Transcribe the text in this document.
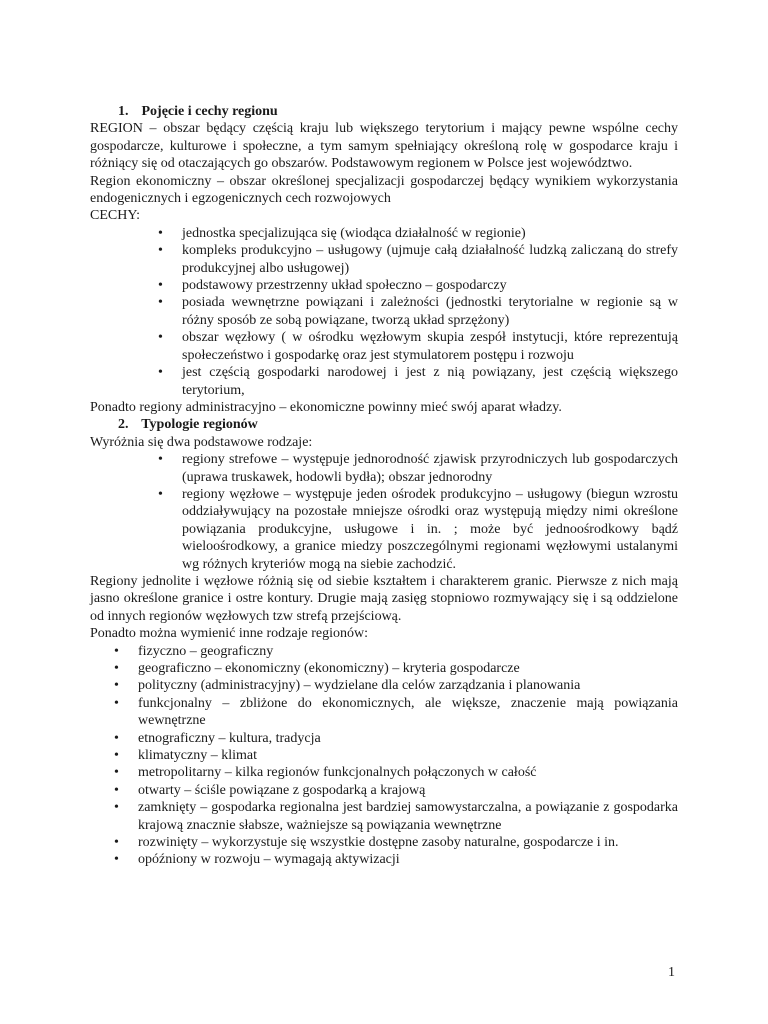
1. Pojęcie i cechy regionu

REGION – obszar będący częścią kraju lub większego terytorium i mający pewne wspólne cechy gospodarcze, kulturowe i społeczne, a tym samym spełniający określoną rolę w gospodarce kraju i różniący się od otaczających go obszarów. Podstawowym regionem w Polsce jest województwo.

Region ekonomiczny – obszar określonej specjalizacji gospodarczej będący wynikiem wykorzystania endogenicznych i egzogenicznych cech rozwojowych

CECHY:

• jednostka specjalizująca się (wiodąca działalność w regionie)
• kompleks produkcyjno – usługowy (ujmuje całą działalność ludzką zaliczaną do strefy produkcyjnej albo usługowej)
• podstawowy przestrzenny układ społeczno – gospodarczy
• posiada wewnętrzne powiązani i zależności (jednostki terytorialne w regionie są w różny sposób ze sobą powiązane, tworzą układ sprzężony)
• obszar węzłowy ( w ośrodku węzłowym skupia zespół instytucji, które reprezentują społeczeństwo i gospodarkę oraz jest stymulatorem postępu i rozwoju
• jest częścią gospodarki narodowej i jest z nią powiązany, jest częścią większego terytorium,

Ponadto regiony administracyjno – ekonomiczne powinny mieć swój aparat władzy.

2. Typologie regionów

Wyróżnia się dwa podstawowe rodzaje:

• regiony strefowe – występuje jednorodność zjawisk przyrodniczych lub gospodarczych (uprawa truskawek, hodowli bydła); obszar jednorodny
• regiony węzłowe – występuje jeden ośrodek produkcyjno – usługowy (biegun wzrostu oddziaływujący na pozostałe mniejsze ośrodki oraz występują między nimi określone powiązania produkcyjne, usługowe i in. ; może być jednoośrodkowy bądź wieloośrodkowy, a granice miedzy poszczególnymi regionami węzłowymi ustalanymi wg różnych kryteriów mogą na siebie zachodzić.

Regiony jednolite i węzłowe różnią się od siebie kształtem i charakterem granic. Pierwsze z nich mają jasno określone granice i ostre kontury. Drugie mają zasięg stopniowo rozmywający się i są oddzielone od innych regionów węzłowych tzw strefą przejściową.

Ponadto można wymienić inne rodzaje regionów:

• fizyczno – geograficzny
• geograficzno – ekonomiczny (ekonomiczny) – kryteria gospodarcze
• polityczny (administracyjny) – wydzielane dla celów zarządzania i planowania
• funkcjonalny – zbliżone do ekonomicznych, ale większe, znaczenie mają powiązania wewnętrzne
• etnograficzny – kultura, tradycja
• klimatyczny – klimat
• metropolitarny – kilka regionów funkcjonalnych połączonych w całość
• otwarty – ściśle powiązane z gospodarką a krajową
• zamknięty – gospodarka regionalna jest bardziej samowystarczalna, a powiązanie z gospodarka krajową znacznie słabsze, ważniejsze są powiązania wewnętrzne
• rozwinięty – wykorzystuje się wszystkie dostępne zasoby naturalne, gospodarcze i in.
• opóźniony w rozwoju – wymagają aktywizacji
1
